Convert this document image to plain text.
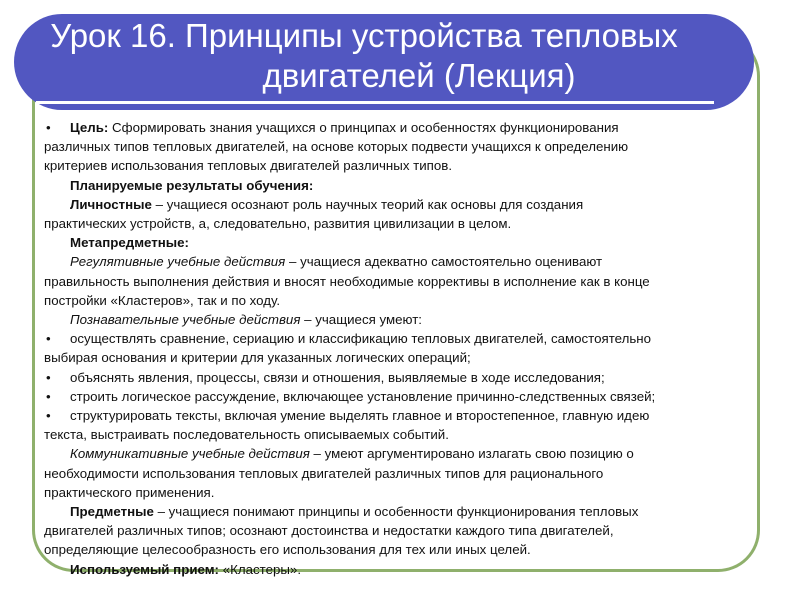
Урок 16. Принципы устройства тепловых
двигателей (Лекция)

• Цель: Сформировать знания учащихся о принципах и особенностях функционирования

различных типов тепловых двигателей, на основе которых подвести учащихся к определению

критериев использования тепловых двигателей различных типов.

Планируемые результаты обучения:

Личностные – учащиеся осознают роль научных теорий как основы для создания

практических устройств, а, следовательно, развития цивилизации в целом.

Метапредметные:

Регулятивные учебные действия – учащиеся адекватно самостоятельно оценивают

правильность выполнения действия и вносят необходимые коррективы в исполнение как в конце

постройки «Кластеров», так и по ходу.

Познавательные учебные действия – учащиеся умеют:

• осуществлять сравнение, сериацию и классификацию тепловых двигателей, самостоятельно

выбирая основания и критерии для указанных логических операций;

• объяснять явления, процессы, связи и отношения, выявляемые в ходе исследования;

• строить логическое рассуждение, включающее установление причинно-следственных связей;

• структурировать тексты, включая умение выделять главное и второстепенное, главную идею

текста, выстраивать последовательность описываемых событий.

Коммуникативные учебные действия – умеют аргументировано излагать свою позицию о

необходимости использования тепловых двигателей различных типов для рационального

практического применения.

Предметные – учащиеся понимают принципы и особенности функционирования тепловых

двигателей различных типов; осознают достоинства и недостатки каждого типа двигателей,

определяющие целесообразность его использования для тех или иных целей.

Используемый прием: «Кластеры».
